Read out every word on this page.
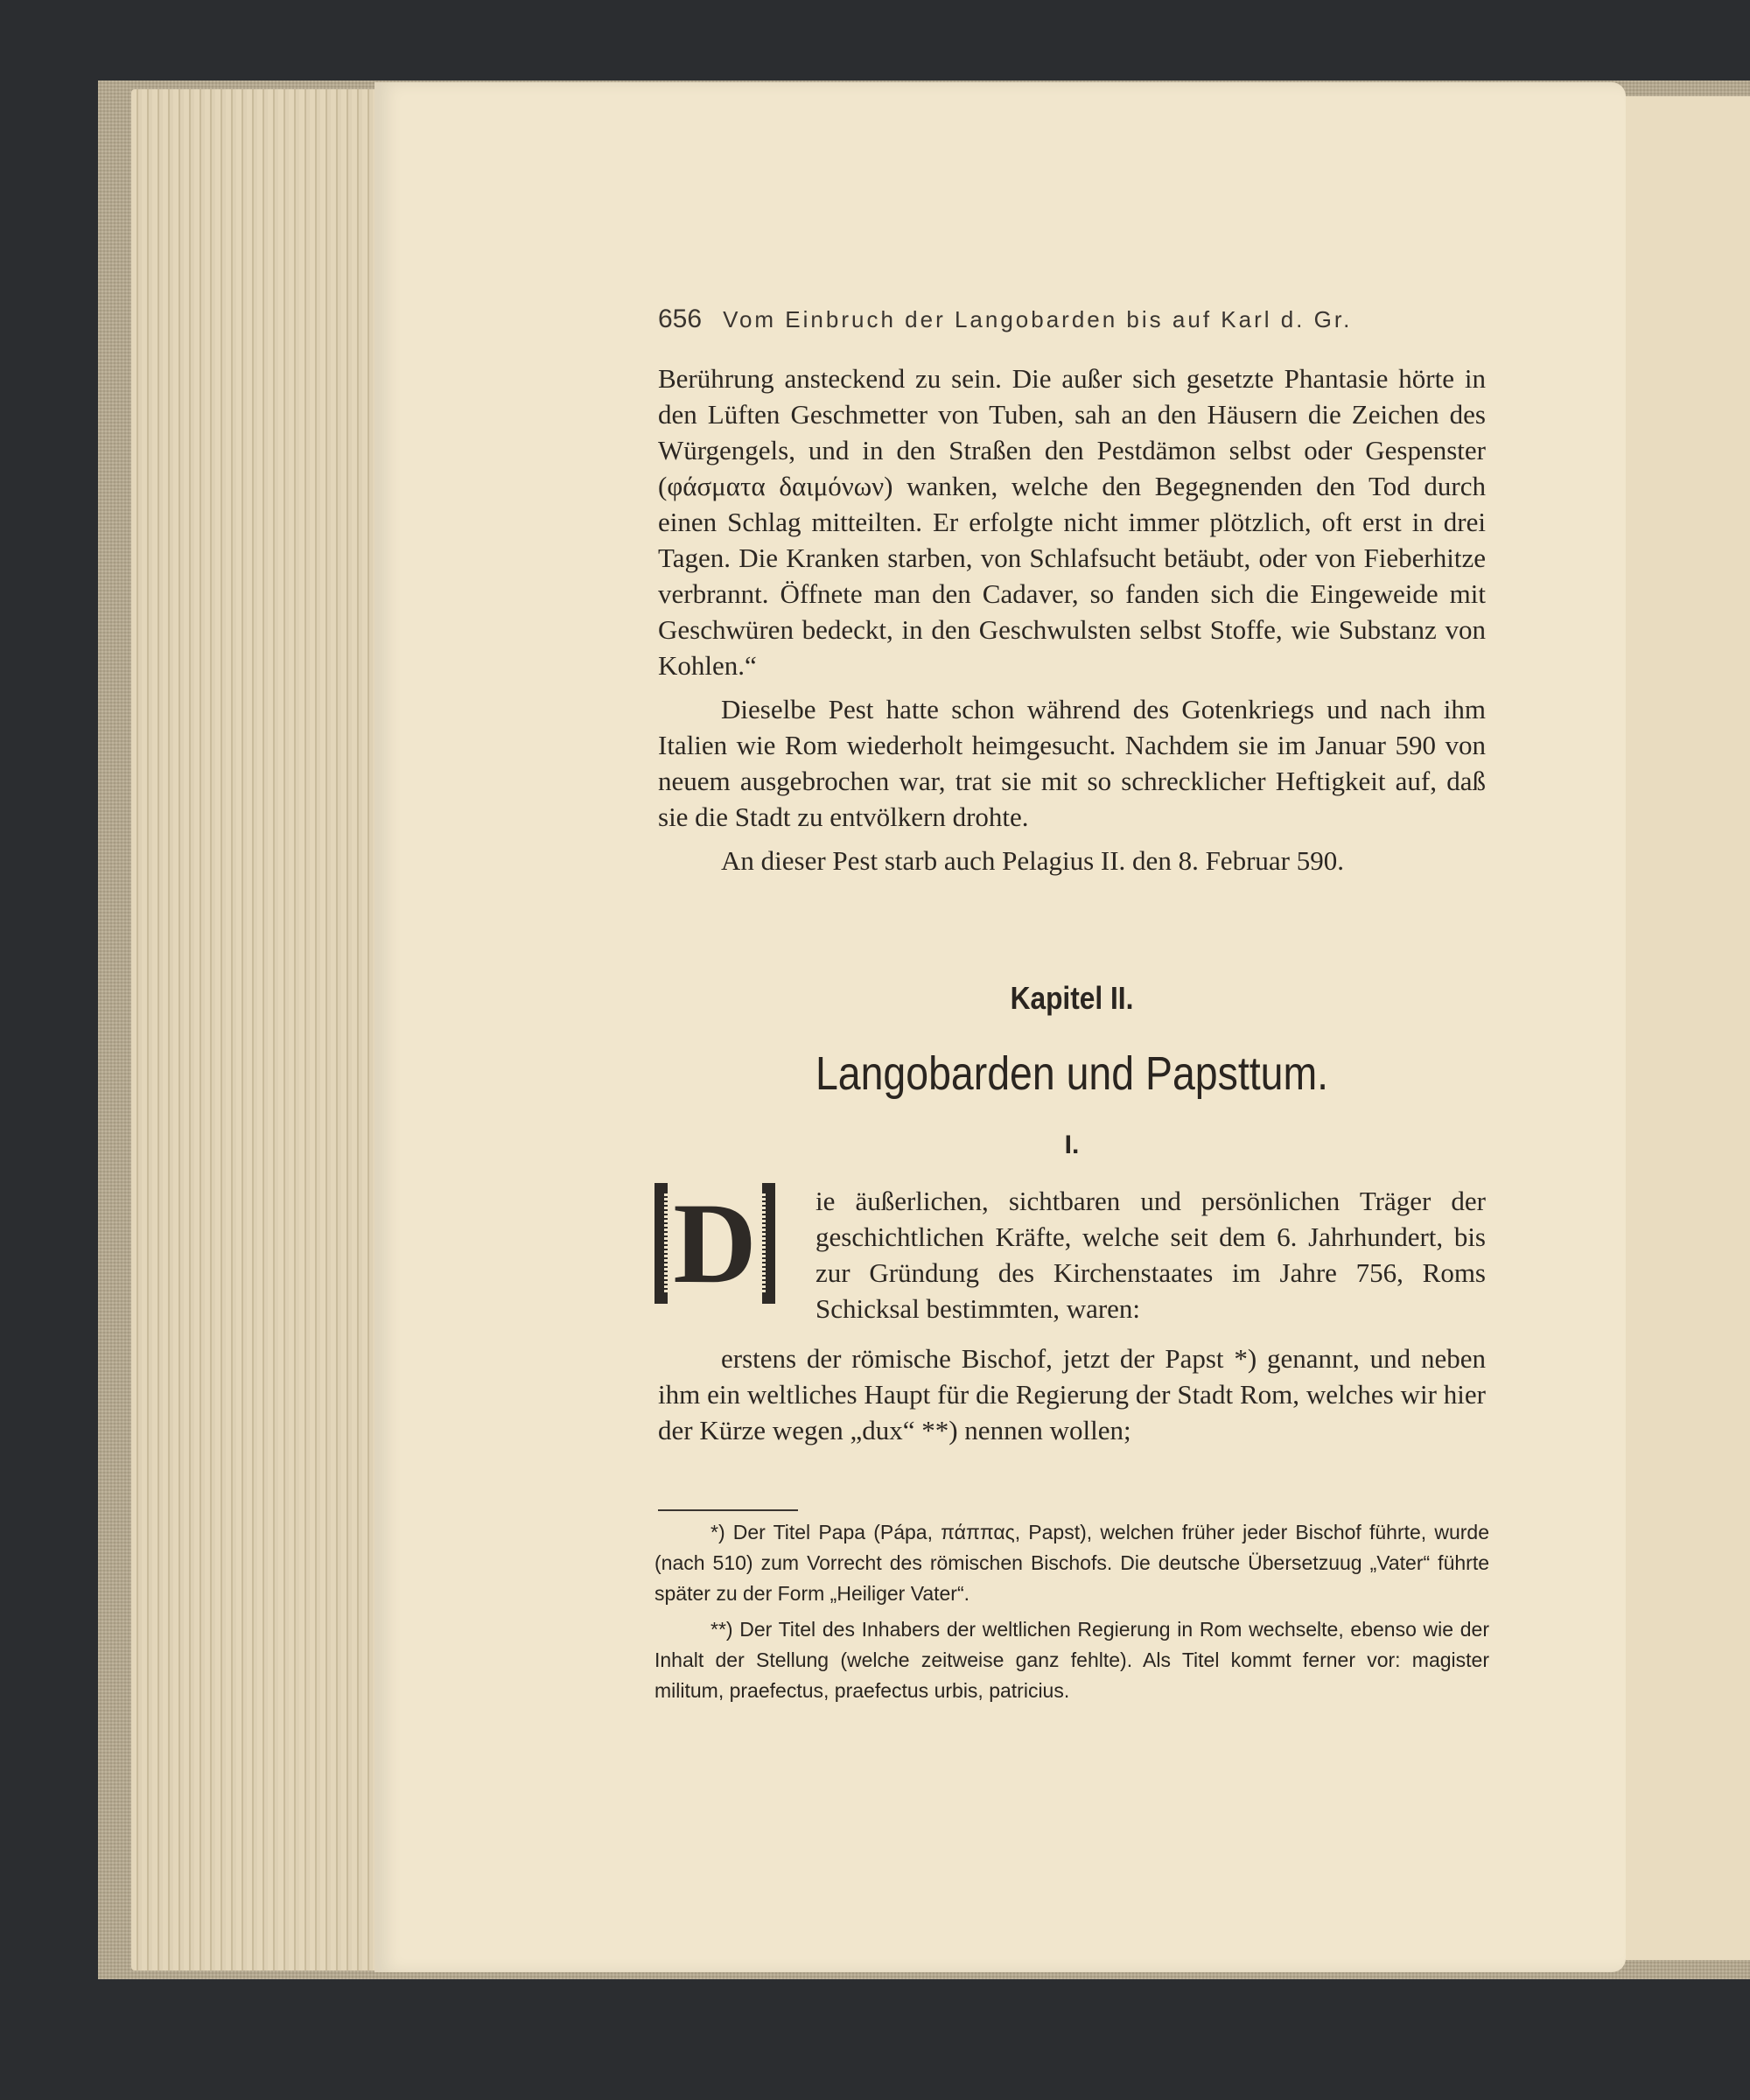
656 Vom Einbruch der Langobarden bis auf Karl d. Gr.

Berührung ansteckend zu sein. Die außer sich gesetzte Phantasie hörte in den Lüften Geschmetter von Tuben, sah an den Häusern die Zeichen des Würgengels, und in den Straßen den Pestdämon selbst oder Gespenster (φάσματα δαιμόνων) wanken, welche den Begegnenden den Tod durch einen Schlag mitteilten. Er erfolgte nicht immer plötzlich, oft erst in drei Tagen. Die Kranken starben, von Schlafsucht betäubt, oder von Fieberhitze verbrannt. Öffnete man den Cadaver, so fanden sich die Eingeweide mit Geschwüren bedeckt, in den Geschwulsten selbst Stoffe, wie Substanz von Kohlen.“

Dieselbe Pest hatte schon während des Gotenkriegs und nach ihm Italien wie Rom wiederholt heimgesucht. Nachdem sie im Januar 590 von neuem ausgebrochen war, trat sie mit so schrecklicher Heftigkeit auf, daß sie die Stadt zu entvölkern drohte.

An dieser Pest starb auch Pelagius II. den 8. Februar 590.

Kapitel II.
Langobarden und Papsttum.
I.
ie äußerlichen, sichtbaren und persönlichen Träger der geschichtlichen Kräfte, welche seit dem 6. Jahrhundert, bis zur Gründung des Kirchenstaates im Jahre 756, Roms Schicksal bestimmten, waren:
D
erstens der römische Bischof, jetzt der Papst *) genannt, und neben ihm ein weltliches Haupt für die Regierung der Stadt Rom, welches wir hier der Kürze wegen „dux“ **) nennen wollen;

*) Der Titel Papa (Pápa, πάππας, Papst), welchen früher jeder Bischof führte, wurde (nach 510) zum Vorrecht des römischen Bischofs. Die deutsche Übersetzuug „Vater“ führte später zu der Form „Heiliger Vater“.

**) Der Titel des Inhabers der weltlichen Regierung in Rom wechselte, ebenso wie der Inhalt der Stellung (welche zeitweise ganz fehlte). Als Titel kommt ferner vor: magister militum, praefectus, praefectus urbis, patricius.
